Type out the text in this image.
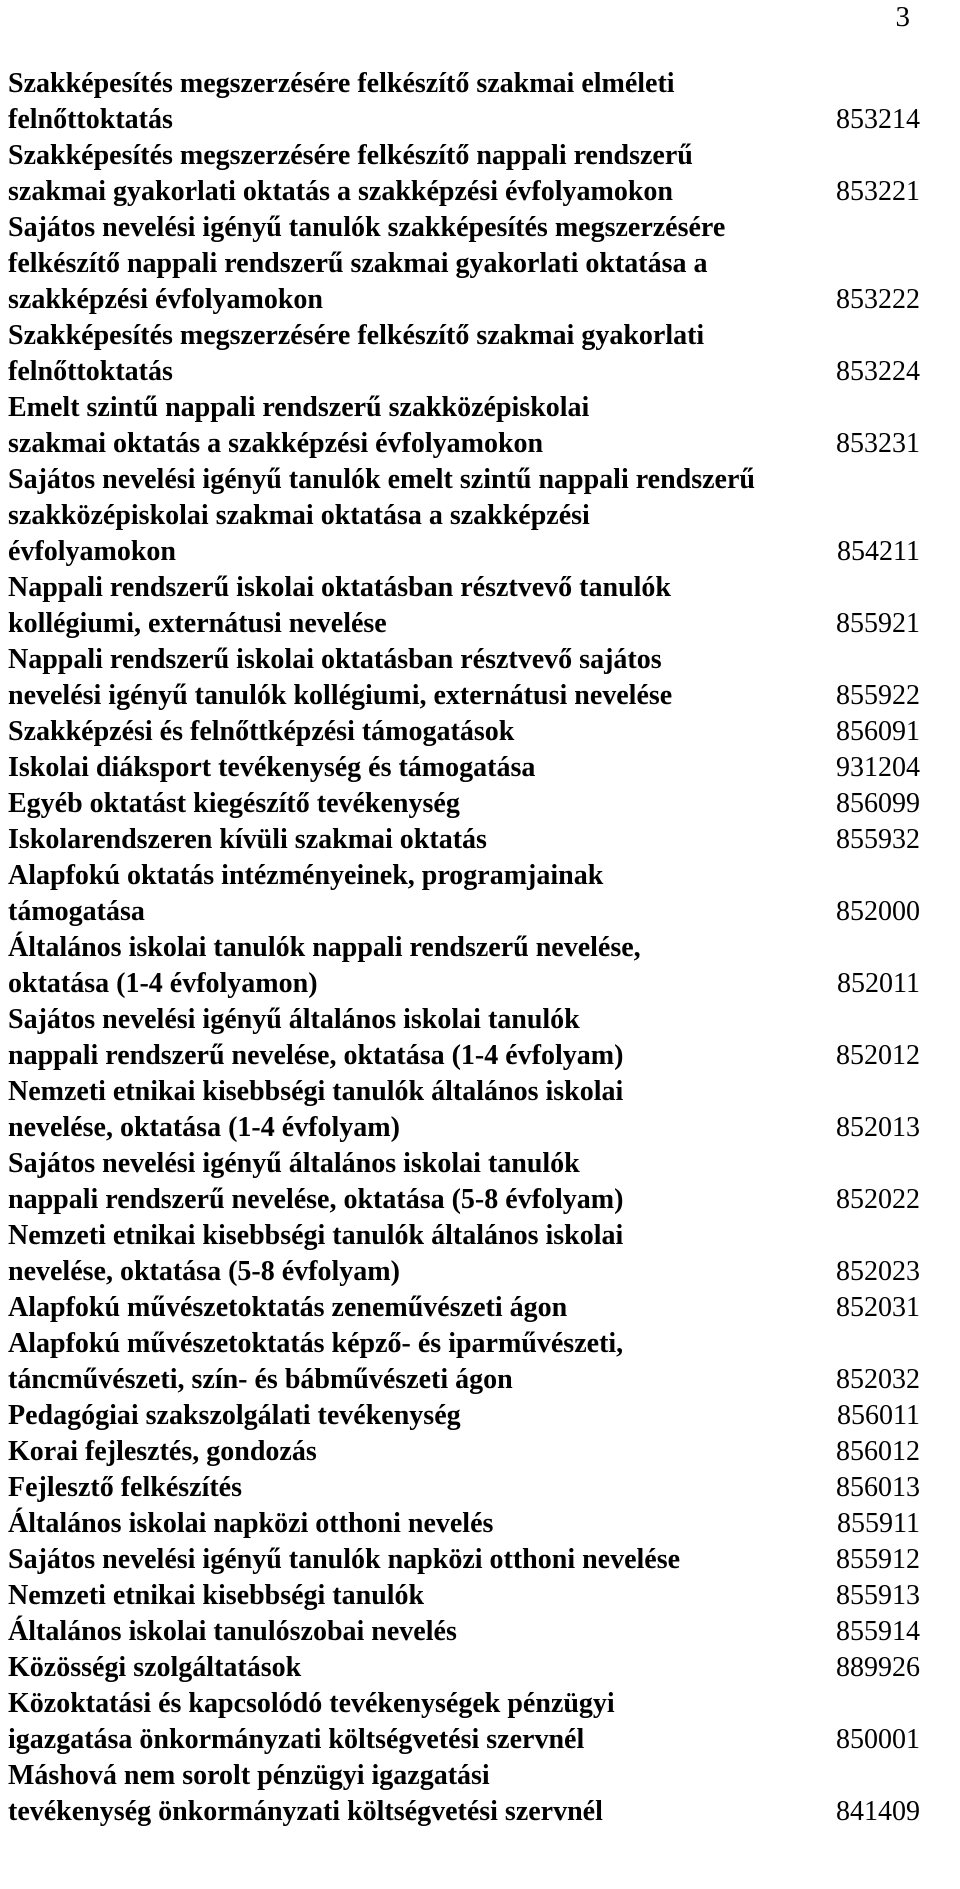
3
Szakképesítés megszerzésére felkészítő szakmai elméleti
felnőttoktatás	853214
Szakképesítés megszerzésére felkészítő nappali rendszerű
szakmai gyakorlati oktatás a szakképzési évfolyamokon	853221
Sajátos nevelési igényű tanulók szakképesítés megszerzésére
felkészítő nappali rendszerű szakmai gyakorlati oktatása a
szakképzési évfolyamokon	853222
Szakképesítés megszerzésére felkészítő szakmai gyakorlati
felnőttoktatás	853224
Emelt szintű nappali rendszerű szakközépiskolai
szakmai oktatás a szakképzési évfolyamokon	853231
Sajátos nevelési igényű tanulók emelt szintű nappali rendszerű
szakközépiskolai szakmai oktatása a szakképzési
évfolyamokon	854211
Nappali rendszerű iskolai oktatásban résztvevő tanulók
kollégiumi, externátusi nevelése	855921
Nappali rendszerű iskolai oktatásban résztvevő sajátos
nevelési igényű tanulók kollégiumi, externátusi nevelése	855922
Szakképzési és felnőttképzési támogatások	856091
Iskolai diáksport tevékenység és támogatása	931204
Egyéb oktatást kiegészítő tevékenység	856099
Iskolarendszeren kívüli szakmai oktatás	855932
Alapfokú oktatás intézményeinek, programjainak
támogatása	852000
Általános iskolai tanulók nappali rendszerű nevelése,
oktatása (1-4 évfolyamon)	852011
Sajátos nevelési igényű általános iskolai tanulók
nappali rendszerű nevelése, oktatása (1-4 évfolyam)	852012
Nemzeti etnikai kisebbségi tanulók általános iskolai
nevelése, oktatása (1-4 évfolyam)	852013
Sajátos nevelési igényű általános iskolai tanulók
nappali rendszerű nevelése, oktatása (5-8 évfolyam)	852022
Nemzeti etnikai kisebbségi tanulók általános iskolai
nevelése, oktatása (5-8 évfolyam)	852023
Alapfokú művészetoktatás zeneművészeti ágon	852031
Alapfokú művészetoktatás képző- és iparművészeti,
táncművészeti, szín- és bábművészeti ágon	852032
Pedagógiai szakszolgálati tevékenység	856011
Korai fejlesztés, gondozás	856012
Fejlesztő felkészítés	856013
Általános iskolai napközi otthoni nevelés	855911
Sajátos nevelési igényű tanulók napközi otthoni nevelése	855912
Nemzeti etnikai kisebbségi tanulók	855913
Általános iskolai tanulószobai nevelés	855914
Közösségi szolgáltatások	889926
Közoktatási és kapcsolódó tevékenységek pénzügyi
igazgatása önkormányzati költségvetési szervnél	850001
Máshová nem sorolt pénzügyi igazgatási
tevékenység önkormányzati költségvetési szervnél	841409
